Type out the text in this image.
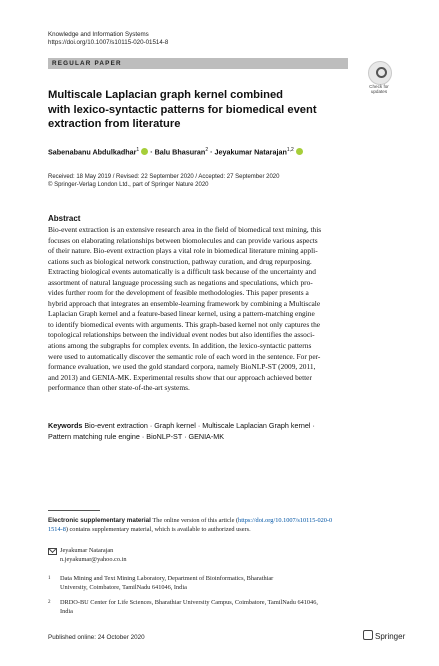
Knowledge and Information Systems
https://doi.org/10.1007/s10115-020-01514-8
REGULAR PAPER
Check for
updates
Multiscale Laplacian graph kernel combined
with lexico-syntactic patterns for biomedical event
extraction from literature
Sabenabanu Abdulkadhar$^1$ · Balu Bhasuran$^2$ · Jeyakumar Natarajan$^{1,2}$
Received: 18 May 2019 / Revised: 22 September 2020 / Accepted: 27 September 2020
© Springer-Verlag London Ltd., part of Springer Nature 2020
Abstract
Bio-event extraction is an extensive research area in the field of biomedical text mining, this
focuses on elaborating relationships between biomolecules and can provide various aspects
of their nature. Bio-event extraction plays a vital role in biomedical literature mining appli-
cations such as biological network construction, pathway curation, and drug repurposing.
Extracting biological events automatically is a difficult task because of the uncertainty and
assortment of natural language processing such as negations and speculations, which pro-
vides further room for the development of feasible methodologies. This paper presents a
hybrid approach that integrates an ensemble-learning framework by combining a Multiscale
Laplacian Graph kernel and a feature-based linear kernel, using a pattern-matching engine
to identify biomedical events with arguments. This graph-based kernel not only captures the
topological relationships between the individual event nodes but also identifies the associ-
ations among the subgraphs for complex events. In addition, the lexico-syntactic patterns
were used to automatically discover the semantic role of each word in the sentence. For per-
formance evaluation, we used the gold standard corpora, namely BioNLP-ST (2009, 2011,
and 2013) and GENIA-MK. Experimental results show that our approach achieved better
performance than other state-of-the-art systems.
Keywords Bio-event extraction · Graph kernel · Multiscale Laplacian Graph kernel ·
Pattern matching rule engine · BioNLP-ST · GENIA-MK
Electronic supplementary material The online version of this article (https://doi.org/10.1007/s10115-020-0
1514-8) contains supplementary material, which is available to authorized users.
Jeyakumar Natarajan
n.jeyakumar@yahoo.co.in
1 Data Mining and Text Mining Laboratory, Department of Bioinformatics, Bharathiar
University, Coimbatore, TamilNadu 641046, India
2 DRDO-BU Center for Life Sciences, Bharathiar University Campus, Coimbatore, TamilNadu 641046,
India
Published online: 24 October 2020	Springer
